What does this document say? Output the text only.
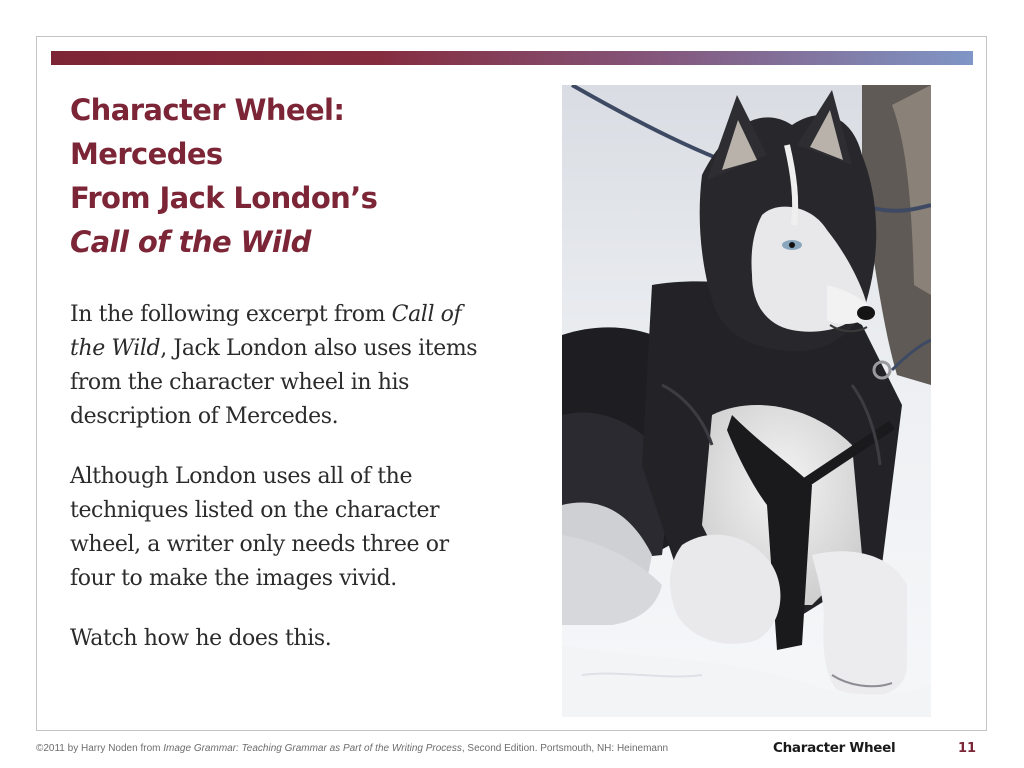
Character Wheel:
Mercedes
From Jack London’s
Call of the Wild

In the following excerpt from Call of the Wild, Jack London also uses items from the character wheel in his description of Mercedes.

Although London uses all of the techniques listed on the character wheel, a writer only needs three or four to make the images vivid.

Watch how he does this.

©2011 by Harry Noden from Image Grammar: Teaching Grammar as Part of the Writing Process, Second Edition. Portsmouth, NH: Heinemann	Character Wheel	11
